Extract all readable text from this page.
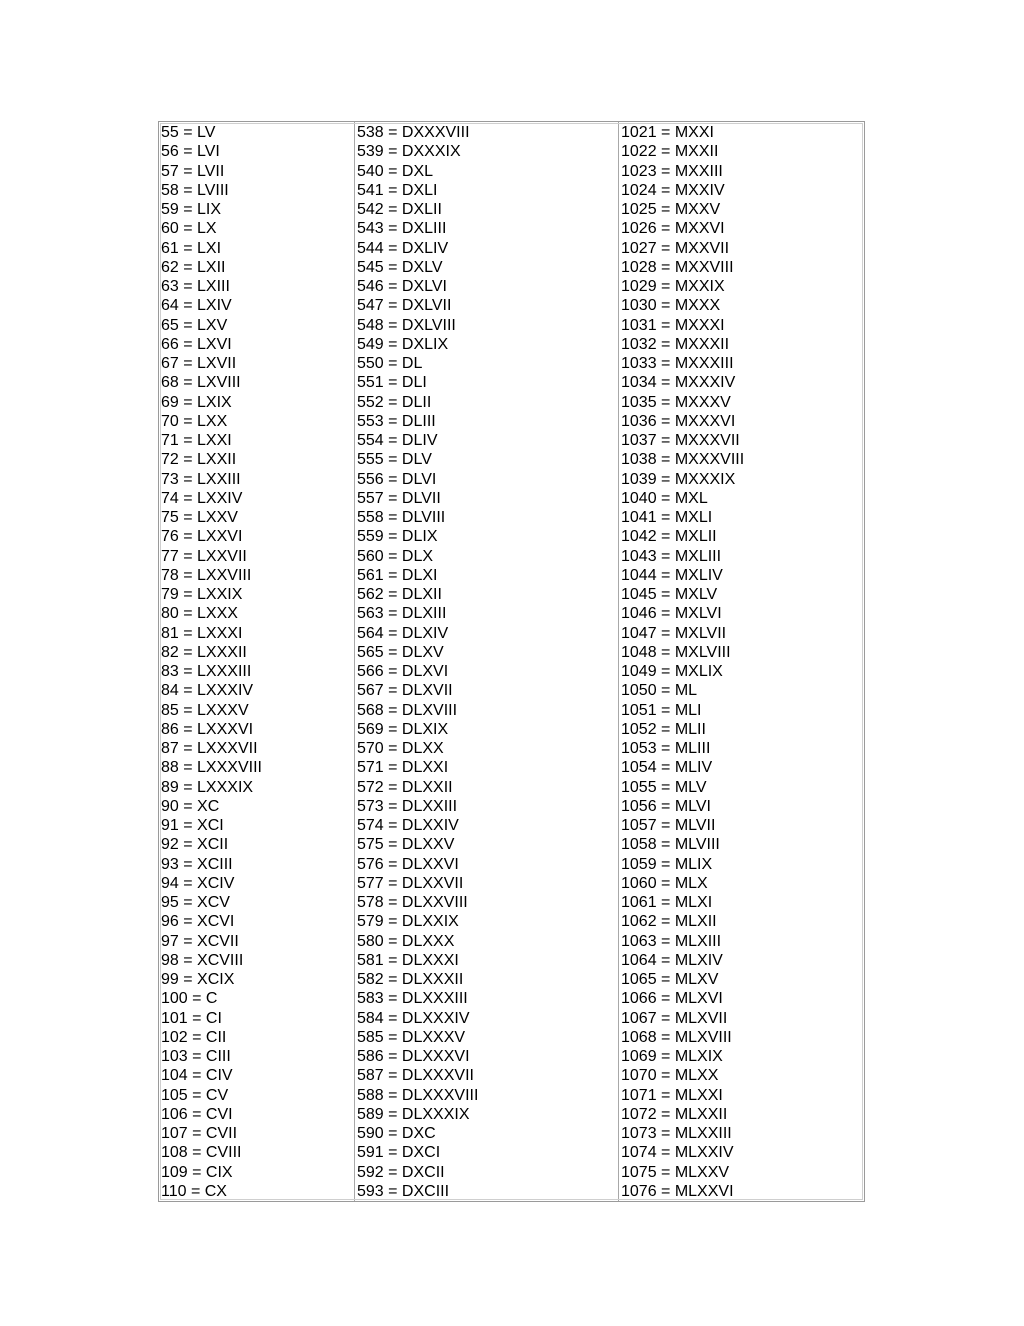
55 = LV
56 = LVI
57 = LVII
58 = LVIII
59 = LIX
60 = LX
61 = LXI
62 = LXII
63 = LXIII
64 = LXIV
65 = LXV
66 = LXVI
67 = LXVII
68 = LXVIII
69 = LXIX
70 = LXX
71 = LXXI
72 = LXXII
73 = LXXIII
74 = LXXIV
75 = LXXV
76 = LXXVI
77 = LXXVII
78 = LXXVIII
79 = LXXIX
80 = LXXX
81 = LXXXI
82 = LXXXII
83 = LXXXIII
84 = LXXXIV
85 = LXXXV
86 = LXXXVI
87 = LXXXVII
88 = LXXXVIII
89 = LXXXIX
90 = XC
91 = XCI
92 = XCII
93 = XCIII
94 = XCIV
95 = XCV
96 = XCVI
97 = XCVII
98 = XCVIII
99 = XCIX
100 = C
101 = CI
102 = CII
103 = CIII
104 = CIV
105 = CV
106 = CVI
107 = CVII
108 = CVIII
109 = CIX
110 = CX
538 = DXXXVIII
539 = DXXXIX
540 = DXL
541 = DXLI
542 = DXLII
543 = DXLIII
544 = DXLIV
545 = DXLV
546 = DXLVI
547 = DXLVII
548 = DXLVIII
549 = DXLIX
550 = DL
551 = DLI
552 = DLII
553 = DLIII
554 = DLIV
555 = DLV
556 = DLVI
557 = DLVII
558 = DLVIII
559 = DLIX
560 = DLX
561 = DLXI
562 = DLXII
563 = DLXIII
564 = DLXIV
565 = DLXV
566 = DLXVI
567 = DLXVII
568 = DLXVIII
569 = DLXIX
570 = DLXX
571 = DLXXI
572 = DLXXII
573 = DLXXIII
574 = DLXXIV
575 = DLXXV
576 = DLXXVI
577 = DLXXVII
578 = DLXXVIII
579 = DLXXIX
580 = DLXXX
581 = DLXXXI
582 = DLXXXII
583 = DLXXXIII
584 = DLXXXIV
585 = DLXXXV
586 = DLXXXVI
587 = DLXXXVII
588 = DLXXXVIII
589 = DLXXXIX
590 = DXC
591 = DXCI
592 = DXCII
593 = DXCIII
1021 = MXXI
1022 = MXXII
1023 = MXXIII
1024 = MXXIV
1025 = MXXV
1026 = MXXVI
1027 = MXXVII
1028 = MXXVIII
1029 = MXXIX
1030 = MXXX
1031 = MXXXI
1032 = MXXXII
1033 = MXXXIII
1034 = MXXXIV
1035 = MXXXV
1036 = MXXXVI
1037 = MXXXVII
1038 = MXXXVIII
1039 = MXXXIX
1040 = MXL
1041 = MXLI
1042 = MXLII
1043 = MXLIII
1044 = MXLIV
1045 = MXLV
1046 = MXLVI
1047 = MXLVII
1048 = MXLVIII
1049 = MXLIX
1050 = ML
1051 = MLI
1052 = MLII
1053 = MLIII
1054 = MLIV
1055 = MLV
1056 = MLVI
1057 = MLVII
1058 = MLVIII
1059 = MLIX
1060 = MLX
1061 = MLXI
1062 = MLXII
1063 = MLXIII
1064 = MLXIV
1065 = MLXV
1066 = MLXVI
1067 = MLXVII
1068 = MLXVIII
1069 = MLXIX
1070 = MLXX
1071 = MLXXI
1072 = MLXXII
1073 = MLXXIII
1074 = MLXXIV
1075 = MLXXV
1076 = MLXXVI
